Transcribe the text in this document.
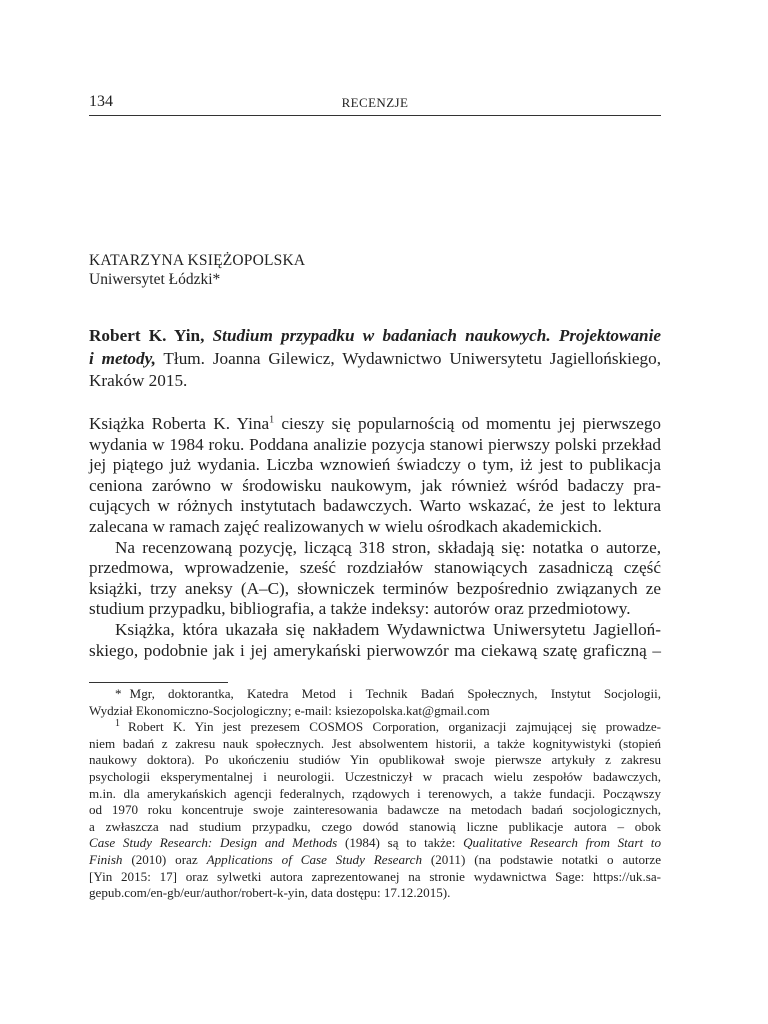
134	RECENZJE
KATARZYNA KSIĘŻOPOLSKA
Uniwersytet Łódzki*
Robert K. Yin, Studium przypadku w badaniach naukowych. Projektowanie
i metody, Tłum. Joanna Gilewicz, Wydawnictwo Uniwersytetu Jagiellońskiego,
Kraków 2015.

Książka Roberta K. Yina$^1$ cieszy się popularnością od momentu jej pierwszego
wydania w 1984 roku. Poddana analizie pozycja stanowi pierwszy polski przekład
jej piątego już wydania. Liczba wznowień świadczy o tym, iż jest to publikacja
ceniona zarówno w środowisku naukowym, jak również wśród badaczy pra-
cujących w różnych instytutach badawczych. Warto wskazać, że jest to lektura
zalecana w ramach zajęć realizowanych w wielu ośrodkach akademickich.

Na recenzowaną pozycję, liczącą 318 stron, składają się: notatka o autorze,
przedmowa, wprowadzenie, sześć rozdziałów stanowiących zasadniczą część
książki, trzy aneksy (A–C), słowniczek terminów bezpośrednio związanych ze
studium przypadku, bibliografia, a także indeksy: autorów oraz przedmiotowy.

Książka, która ukazała się nakładem Wydawnictwa Uniwersytetu Jagielloń-
skiego, podobnie jak i jej amerykański pierwowzór ma ciekawą szatę graficzną –

* Mgr, doktorantka, Katedra Metod i Technik Badań Społecznych, Instytut Socjologii,
Wydział Ekonomiczno-Socjologiczny; e-mail: ksiezopolska.kat@gmail.com
1 Robert K. Yin jest prezesem COSMOS Corporation, organizacji zajmującej się prowadze-
niem badań z zakresu nauk społecznych. Jest absolwentem historii, a także kognitywistyki (stopień
naukowy doktora). Po ukończeniu studiów Yin opublikował swoje pierwsze artykuły z zakresu
psychologii eksperymentalnej i neurologii. Uczestniczył w pracach wielu zespołów badawczych,
m.in. dla amerykańskich agencji federalnych, rządowych i terenowych, a także fundacji. Począwszy
od 1970 roku koncentruje swoje zainteresowania badawcze na metodach badań socjologicznych,
a zwłaszcza nad studium przypadku, czego dowód stanowią liczne publikacje autora – obok
Case Study Research: Design and Methods (1984) są to także: Qualitative Research from Start to
Finish (2010) oraz Applications of Case Study Research (2011) (na podstawie notatki o autorze
[Yin 2015: 17] oraz sylwetki autora zaprezentowanej na stronie wydawnictwa Sage: https://uk.sa-
gepub.com/en-gb/eur/author/robert-k-yin, data dostępu: 17.12.2015).
